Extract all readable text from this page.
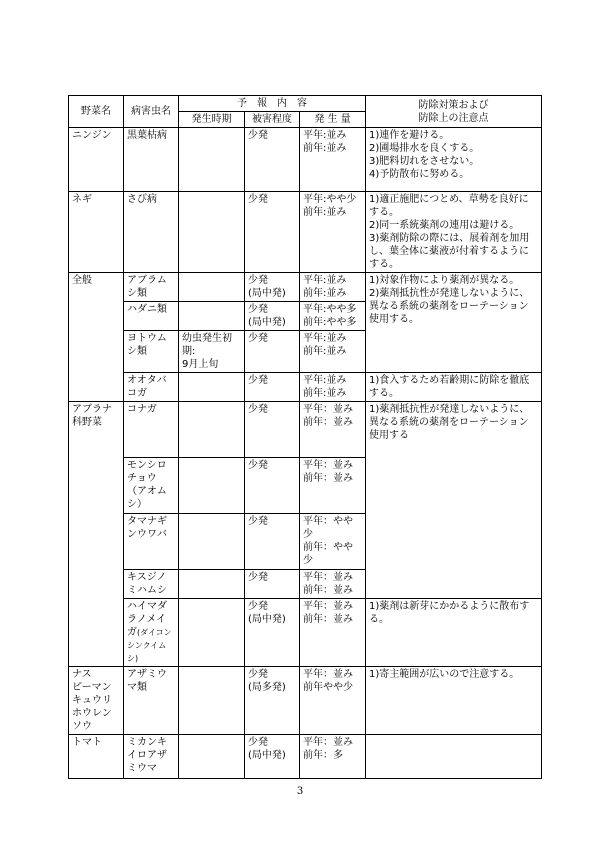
野菜名	病害虫名	予　報　内　容			防除対策および
防除上の注意点
		発生時期	被害程度	発 生 量	
ニンジン	黒葉枯病		少発	平年:並み
前年:並み	1)連作を避ける。
2)圃場排水を良くする。
3)肥料切れをさせない。
4)予防散布に努める。
ネギ	さび病		少発	平年:やや少
前年:並み	1)適正施肥につとめ、草勢を良好にする。
2)同一系統薬剤の連用は避ける。
3)薬剤防除の際には、展着剤を加用し、葉全体に薬液が付着するようにする。
全般	アブラムシ類		少発
(局中発)	平年:並み
前年:並み	1)対象作物により薬剤が異なる。
2)薬剤抵抗性が発達しないように、異なる系統の薬剤をローテーション使用する。
	ハダニ類		少発
(局中発)	平年:やや多
前年:やや多	
	ヨトウムシ類	幼虫発生初期:
9月上旬	少発	平年:並み
前年:並み	
	オオタバコガ		少発	平年:並み
前年:並み	1)食入するため若齢期に防除を徹底する。
アブラナ科野菜	コナガ		少発	平年：並み
前年：並み	1)薬剤抵抗性が発達しないように、異なる系統の薬剤をローテーション使用する
	モンシロチョウ（アオムシ）		少発	平年：並み
前年：並み	
	タマナギンウワバ		少発	平年：やや少
前年：やや少	
	キスジノミハムシ		少発	平年：並み
前年：並み	
	ハイマダラノメイガ(ダイコンシンクイムシ)		少発
(局中発)	平年：並み
前年：並み	1)薬剤は新芽にかかるように散布する。
ナス
ピーマン
キュウリ
ホウレンソウ	アザミウマ類		少発
(局多発)	平年：並み
前年やや少	1)寄主範囲が広いので注意する。
トマト	ミカンキイロアザミウマ		少発
(局中発)	平年：並み
前年：多	
3
